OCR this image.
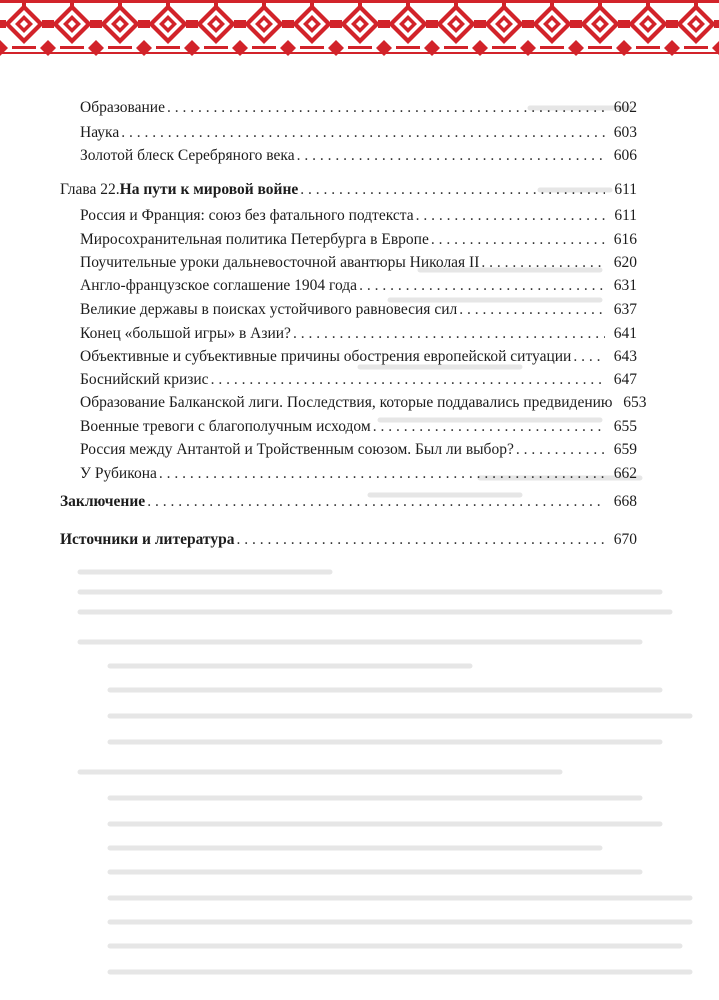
Образование . . .	602
Наука . . .	603
Золотой блеск Серебряного века . . .	606
Глава 22. На пути к мировой войне . . .	611
Россия и Франция: союз без фатального подтекста . . .	611
Миросохранительная политика Петербурга в Европе . . .	616
Поучительные уроки дальневосточной авантюры Николая II . . .	620
Англо-французское соглашение 1904 года . . .	631
Великие державы в поисках устойчивого равновесия сил . . .	637
Конец «большой игры» в Азии? . . .	641
Объективные и субъективные причины обострения европейской ситуации . . .	643
Боснийский кризис . . .	647
Образование Балканской лиги. Последствия, которые поддавались предвидению 653
Военные тревоги с благополучным исходом . . .	655
Россия между Антантой и Тройственным союзом. Был ли выбор? . . .	659
У Рубикона . . .	662
Заключение . . .	668
Источники и литература . . .	670
